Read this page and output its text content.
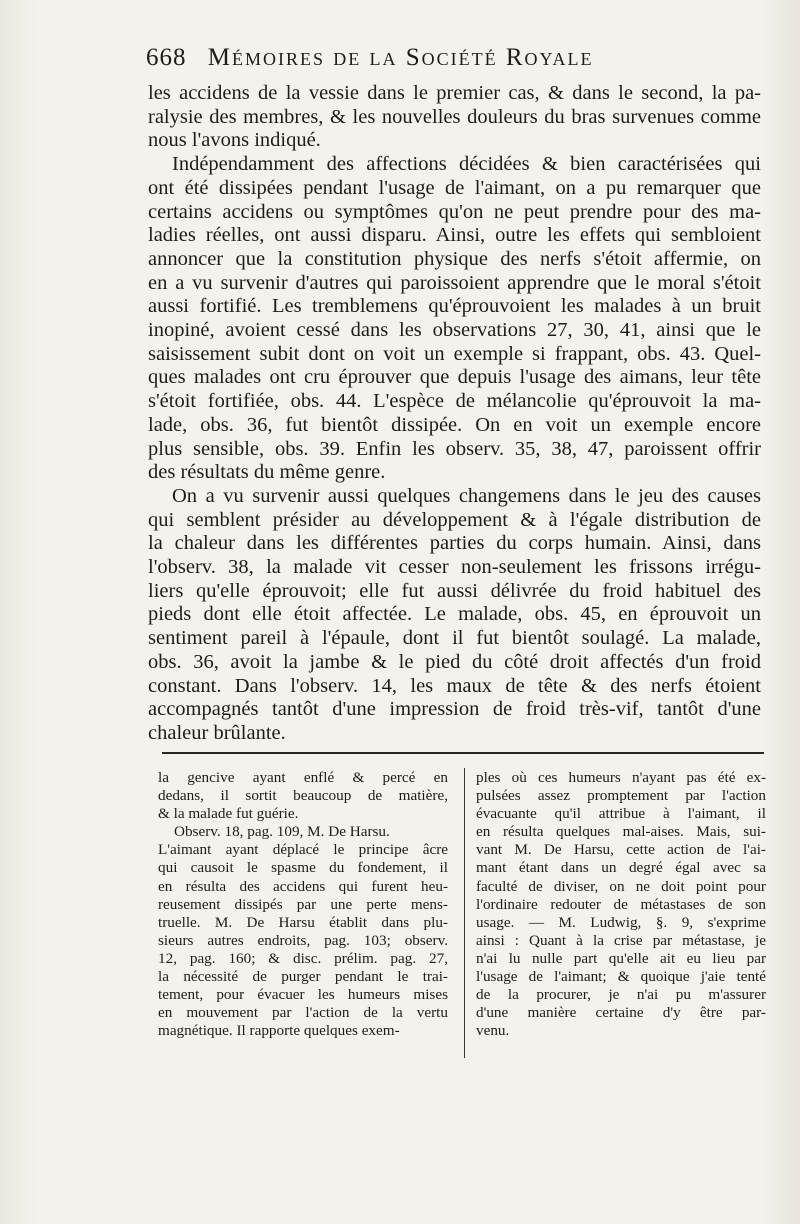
668 Mémoires de la Société Royale
les accidens de la vessie dans le premier cas, & dans le second, la pa-
ralysie des membres, & les nouvelles douleurs du bras survenues comme
nous l'avons indiqué.
Indépendamment des affections décidées & bien caractérisées qui
ont été dissipées pendant l'usage de l'aimant, on a pu remarquer que
certains accidens ou symptômes qu'on ne peut prendre pour des ma-
ladies réelles, ont aussi disparu. Ainsi, outre les effets qui sembloient
annoncer que la constitution physique des nerfs s'étoit affermie, on
en a vu survenir d'autres qui paroissoient apprendre que le moral s'étoit
aussi fortifié. Les tremblemens qu'éprouvoient les malades à un bruit
inopiné, avoient cessé dans les observations 27, 30, 41, ainsi que le
saisissement subit dont on voit un exemple si frappant, obs. 43. Quel-
ques malades ont cru éprouver que depuis l'usage des aimans, leur tête
s'étoit fortifiée, obs. 44. L'espèce de mélancolie qu'éprouvoit la ma-
lade, obs. 36, fut bientôt dissipée. On en voit un exemple encore
plus sensible, obs. 39. Enfin les observ. 35, 38, 47, paroissent offrir
des résultats du même genre.
On a vu survenir aussi quelques changemens dans le jeu des causes
qui semblent présider au développement & à l'égale distribution de
la chaleur dans les différentes parties du corps humain. Ainsi, dans
l'observ. 38, la malade vit cesser non-seulement les frissons irrégu-
liers qu'elle éprouvoit; elle fut aussi délivrée du froid habituel des
pieds dont elle étoit affectée. Le malade, obs. 45, en éprouvoit un
sentiment pareil à l'épaule, dont il fut bientôt soulagé. La malade,
obs. 36, avoit la jambe & le pied du côté droit affectés d'un froid
constant. Dans l'observ. 14, les maux de tête & des nerfs étoient
accompagnés tantôt d'une impression de froid très-vif, tantôt d'une
chaleur brûlante.
la gencive ayant enflé & percé en
dedans, il sortit beaucoup de matière,
& la malade fut guérie.
Observ. 18, pag. 109, M. De Harsu.
L'aimant ayant déplacé le principe âcre
qui causoit le spasme du fondement, il
en résulta des accidens qui furent heu-
reusement dissipés par une perte mens-
truelle. M. De Harsu établit dans plu-
sieurs autres endroits, pag. 103; observ.
12, pag. 160; & disc. prélim. pag. 27,
la nécessité de purger pendant le trai-
tement, pour évacuer les humeurs mises
en mouvement par l'action de la vertu
magnétique. Il rapporte quelques exem-
ples où ces humeurs n'ayant pas été ex-
pulsées assez promptement par l'action
évacuante qu'il attribue à l'aimant, il
en résulta quelques mal-aises. Mais, sui-
vant M. De Harsu, cette action de l'ai-
mant étant dans un degré égal avec sa
faculté de diviser, on ne doit point pour
l'ordinaire redouter de métastases de son
usage. — M. Ludwig, §. 9, s'exprime
ainsi : Quant à la crise par métastase, je
n'ai lu nulle part qu'elle ait eu lieu par
l'usage de l'aimant; & quoique j'aie tenté
de la procurer, je n'ai pu m'assurer
d'une manière certaine d'y être par-
venu.
